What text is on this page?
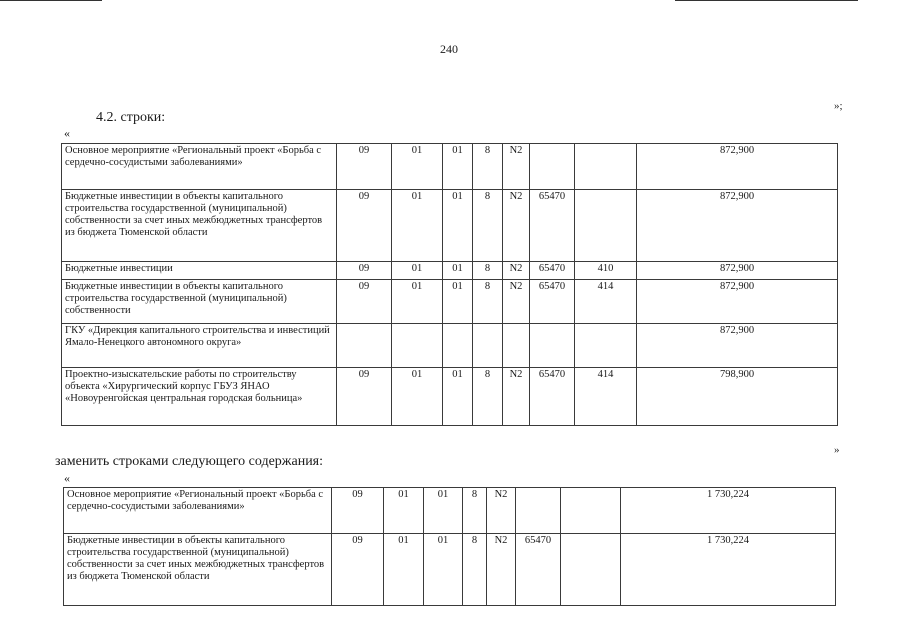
240
4.2. строки:
«
»;
Основное мероприятие «Региональный проект «Борьба с сердечно-сосудистыми заболеваниями»	09	01	01	8	N2			872,900
Бюджетные инвестиции в объекты капитального строительства государственной (муниципальной) собственности за счет иных межбюджетных трансфертов из бюджета Тюменской области	09	01	01	8	N2	65470		872,900
Бюджетные инвестиции	09	01	01	8	N2	65470	410	872,900
Бюджетные инвестиции в объекты капитального строительства государственной (муниципальной) собственности	09	01	01	8	N2	65470	414	872,900
ГКУ «Дирекция капитального строительства и инвестиций Ямало-Ненецкого автономного округа»								872,900
Проектно-изыскательские работы по строительству объекта «Хирургический корпус ГБУЗ ЯНАО «Новоуренгойская центральная городская больница»	09	01	01	8	N2	65470	414	798,900
»
заменить строками следующего содержания:
«
Основное мероприятие «Региональный проект «Борьба с сердечно-сосудистыми заболеваниями»	09	01	01	8	N2			1 730,224
Бюджетные инвестиции в объекты капитального строительства государственной (муниципальной) собственности за счет иных межбюджетных трансфертов из бюджета Тюменской области	09	01	01	8	N2	65470		1 730,224
